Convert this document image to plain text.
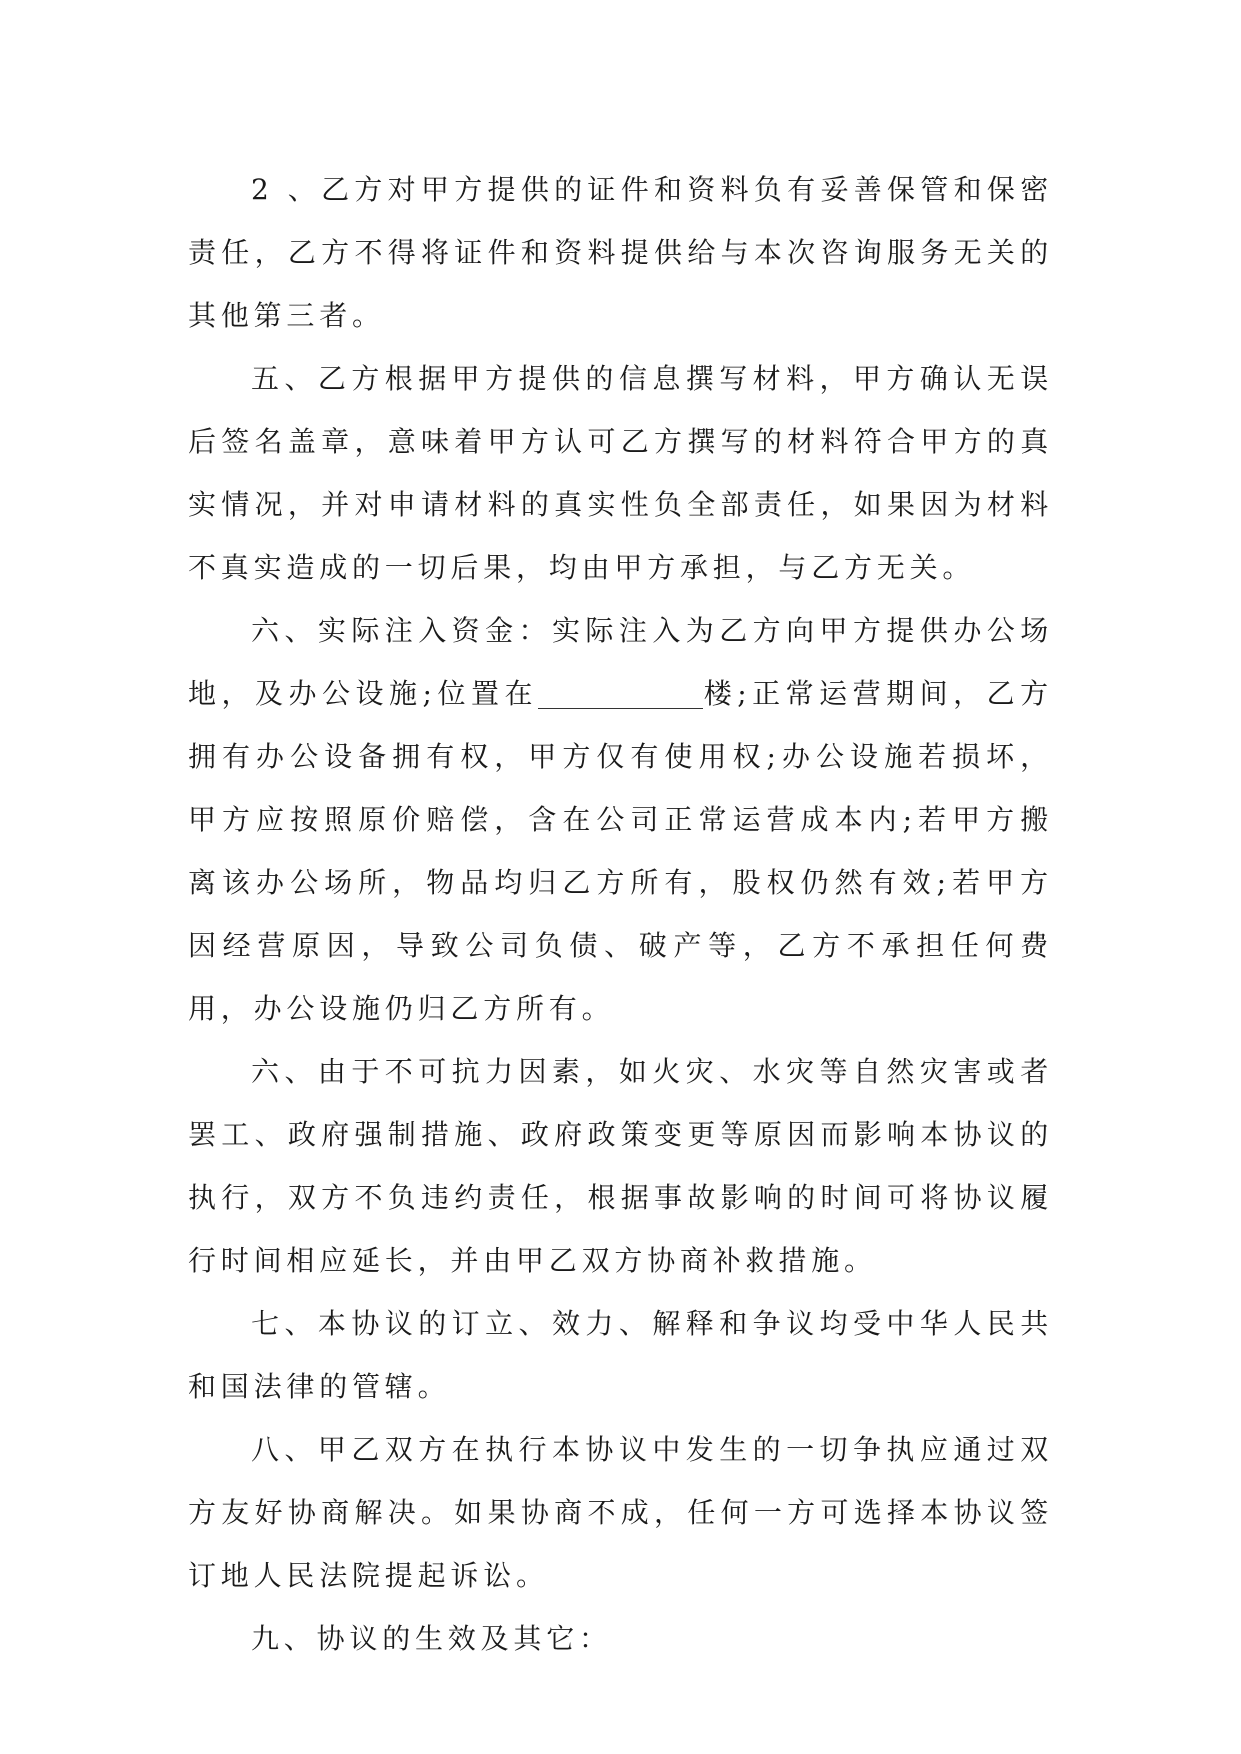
2 、乙方对甲方提供的证件和资料负有妥善保管和保密责任，乙方不得将证件和资料提供给与本次咨询服务无关的其他第三者。

五、乙方根据甲方提供的信息撰写材料，甲方确认无误后签名盖章，意味着甲方认可乙方撰写的材料符合甲方的真实情况，并对申请材料的真实性负全部责任，如果因为材料不真实造成的一切后果，均由甲方承担，与乙方无关。

六、实际注入资金：实际注入为乙方向甲方提供办公场地，及办公设施;位置在	楼;正常运营期间，乙方拥有办公设备拥有权，甲方仅有使用权;办公设施若损坏，甲方应按照原价赔偿，含在公司正常运营成本内;若甲方搬离该办公场所，物品均归乙方所有，股权仍然有效;若甲方因经营原因，导致公司负债、破产等，乙方不承担任何费用，办公设施仍归乙方所有。

六、由于不可抗力因素，如火灾、水灾等自然灾害或者罢工、政府强制措施、政府政策变更等原因而影响本协议的执行，双方不负违约责任，根据事故影响的时间可将协议履行时间相应延长，并由甲乙双方协商补救措施。

七、本协议的订立、效力、解释和争议均受中华人民共和国法律的管辖。

八、甲乙双方在执行本协议中发生的一切争执应通过双方友好协商解决。如果协商不成，任何一方可选择本协议签订地人民法院提起诉讼。

九、协议的生效及其它：
